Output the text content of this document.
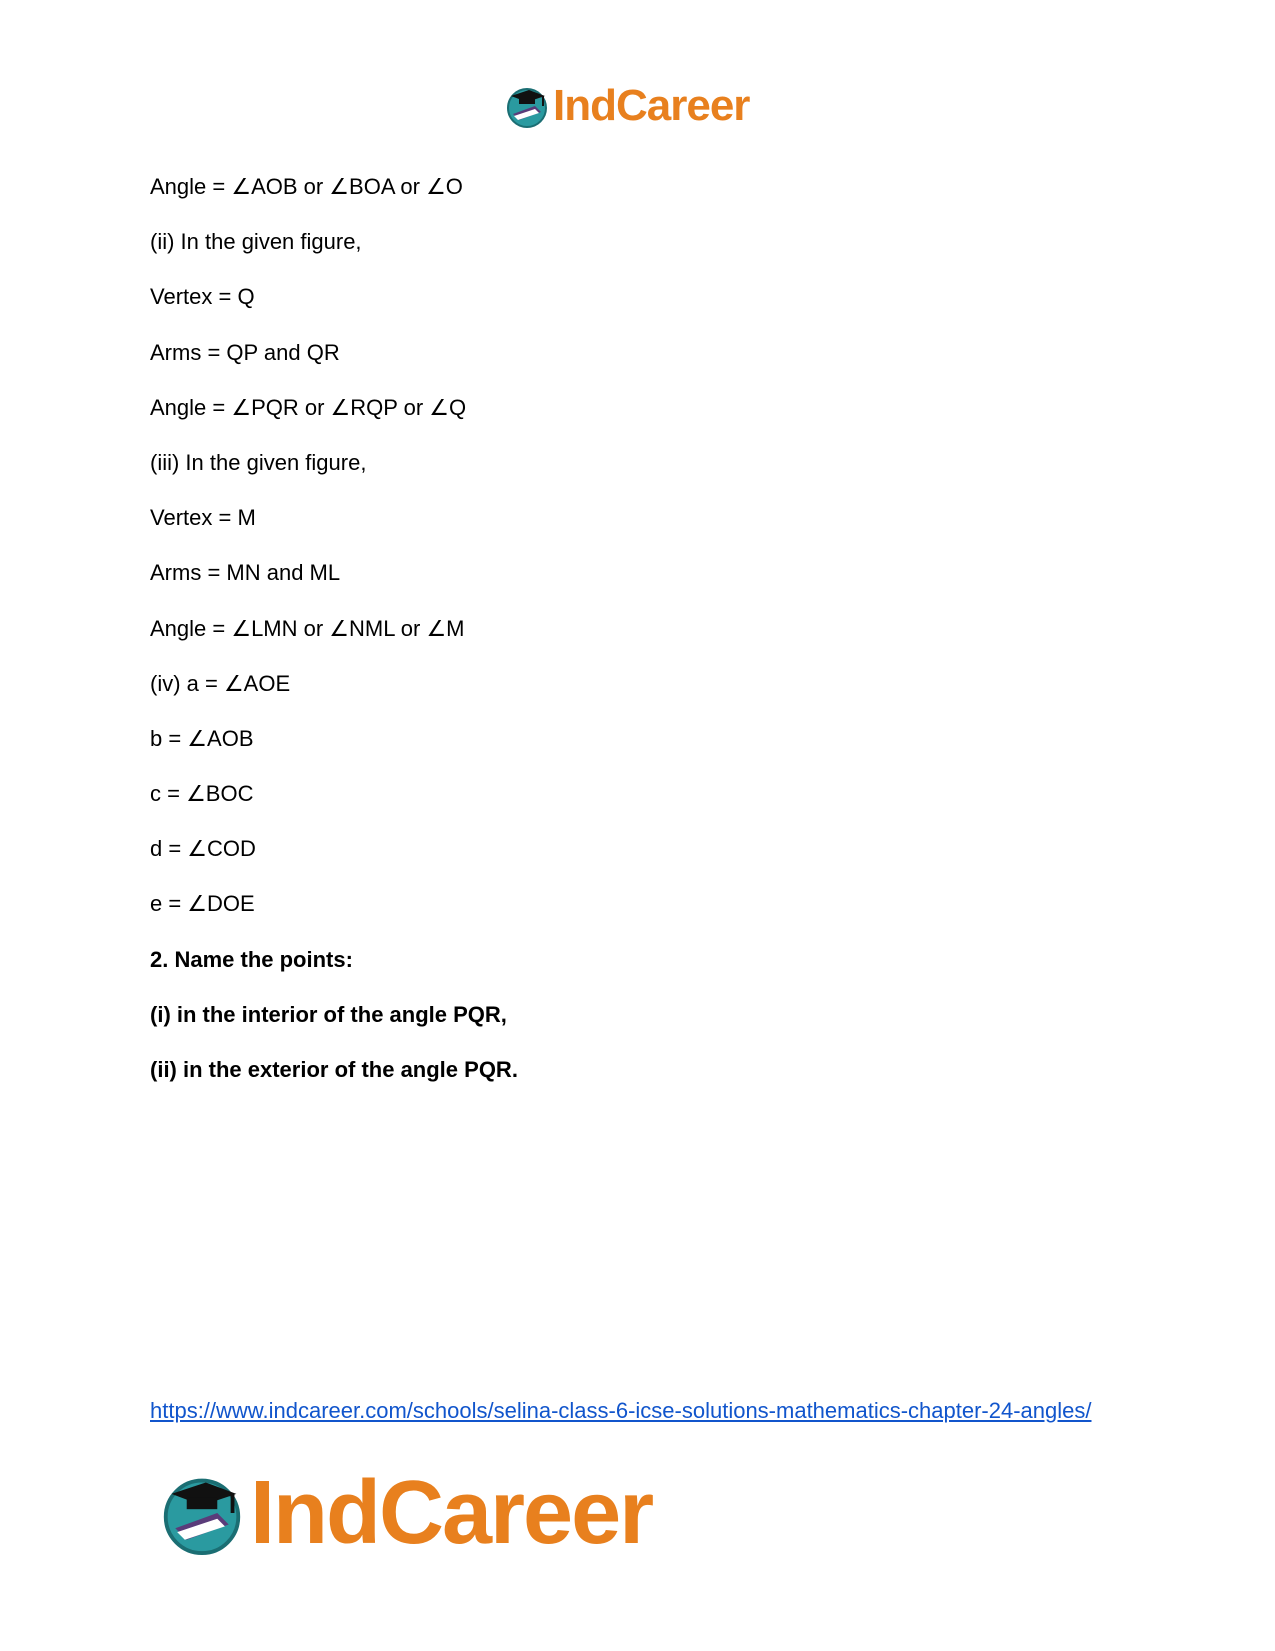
IndCareer
Angle = ∠AOB or ∠BOA or ∠O
(ii) In the given figure,
Vertex = Q
Arms = QP and QR
Angle = ∠PQR or ∠RQP or ∠Q
(iii) In the given figure,
Vertex = M
Arms = MN and ML
Angle = ∠LMN or ∠NML or ∠M
(iv) a = ∠AOE
b = ∠AOB
c = ∠BOC
d = ∠COD
e = ∠DOE
2. Name the points:
(i) in the interior of the angle PQR,
(ii) in the exterior of the angle PQR.
https://www.indcareer.com/schools/selina-class-6-icse-solutions-mathematics-chapter-24-angles/
IndCareer
